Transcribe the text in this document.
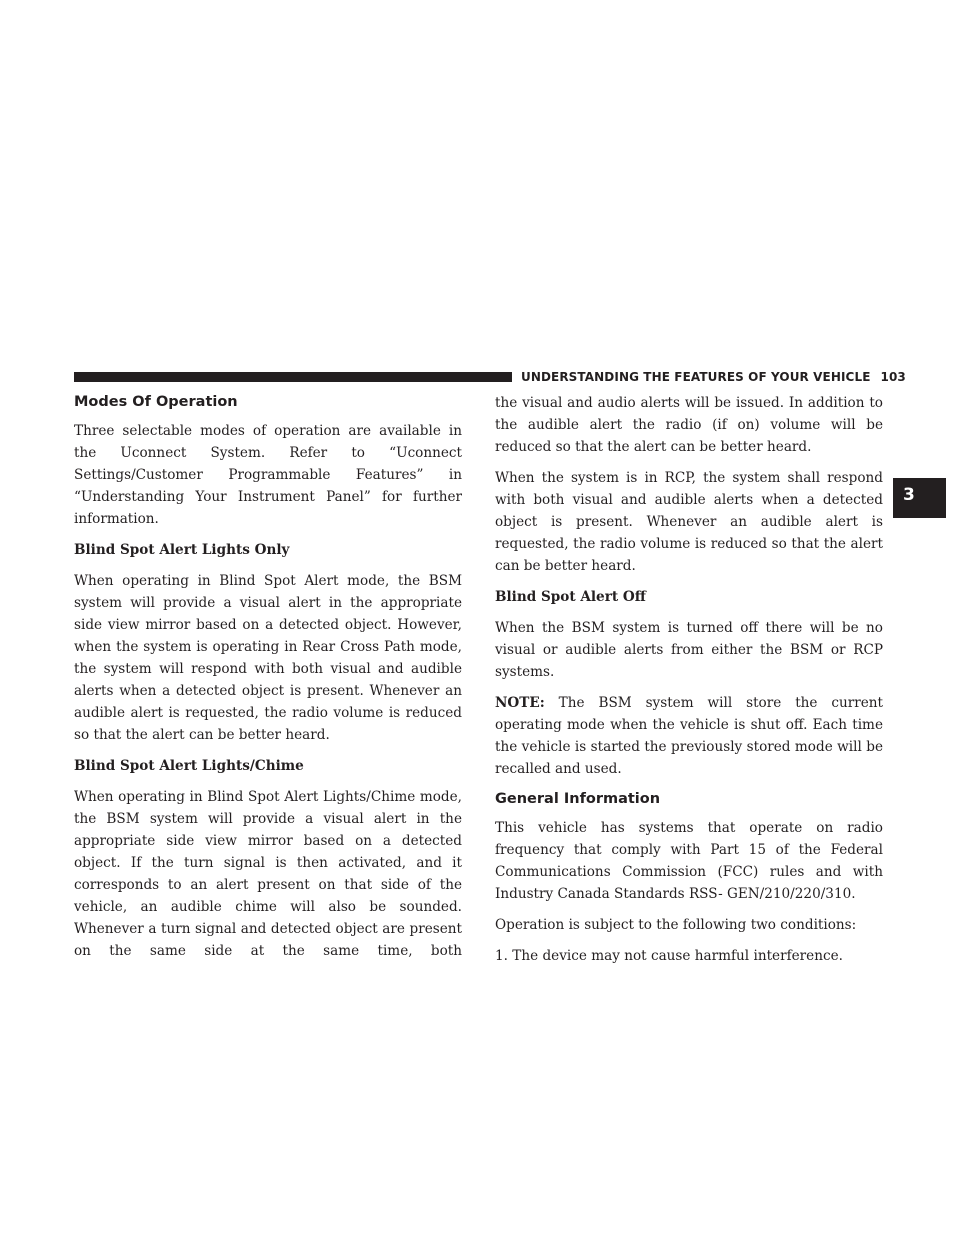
UNDERSTANDING THE FEATURES OF YOUR VEHICLE 103
3
Modes Of Operation

Three selectable modes of operation are available in the Uconnect System. Refer to “Uconnect Settings/Customer Programmable Features” in “Understanding Your Instrument Panel” for further information.

Blind Spot Alert Lights Only

When operating in Blind Spot Alert mode, the BSM system will provide a visual alert in the appropriate side view mirror based on a detected object. However, when the system is operating in Rear Cross Path mode, the system will respond with both visual and audible alerts when a detected object is present. Whenever an audible alert is requested, the radio volume is reduced so that the alert can be better heard.

Blind Spot Alert Lights/Chime

When operating in Blind Spot Alert Lights/Chime mode, the BSM system will provide a visual alert in the appropriate side view mirror based on a detected object. If the turn signal is then activated, and it corresponds to an alert present on that side of the vehicle, an audible chime will also be sounded. Whenever a turn signal and detected object are present on the same side at the same time, both

the visual and audio alerts will be issued. In addition to the audible alert the radio (if on) volume will be reduced so that the alert can be better heard.

When the system is in RCP, the system shall respond with both visual and audible alerts when a detected object is present. Whenever an audible alert is requested, the radio volume is reduced so that the alert can be better heard.

Blind Spot Alert Off

When the BSM system is turned off there will be no visual or audible alerts from either the BSM or RCP systems.

NOTE: The BSM system will store the current operating mode when the vehicle is shut off. Each time the vehicle is started the previously stored mode will be recalled and used.

General Information

This vehicle has systems that operate on radio frequency that comply with Part 15 of the Federal Communications Commission (FCC) rules and with Industry Canada Standards RSS- GEN/210/220/310.

Operation is subject to the following two conditions:

1. The device may not cause harmful interference.
